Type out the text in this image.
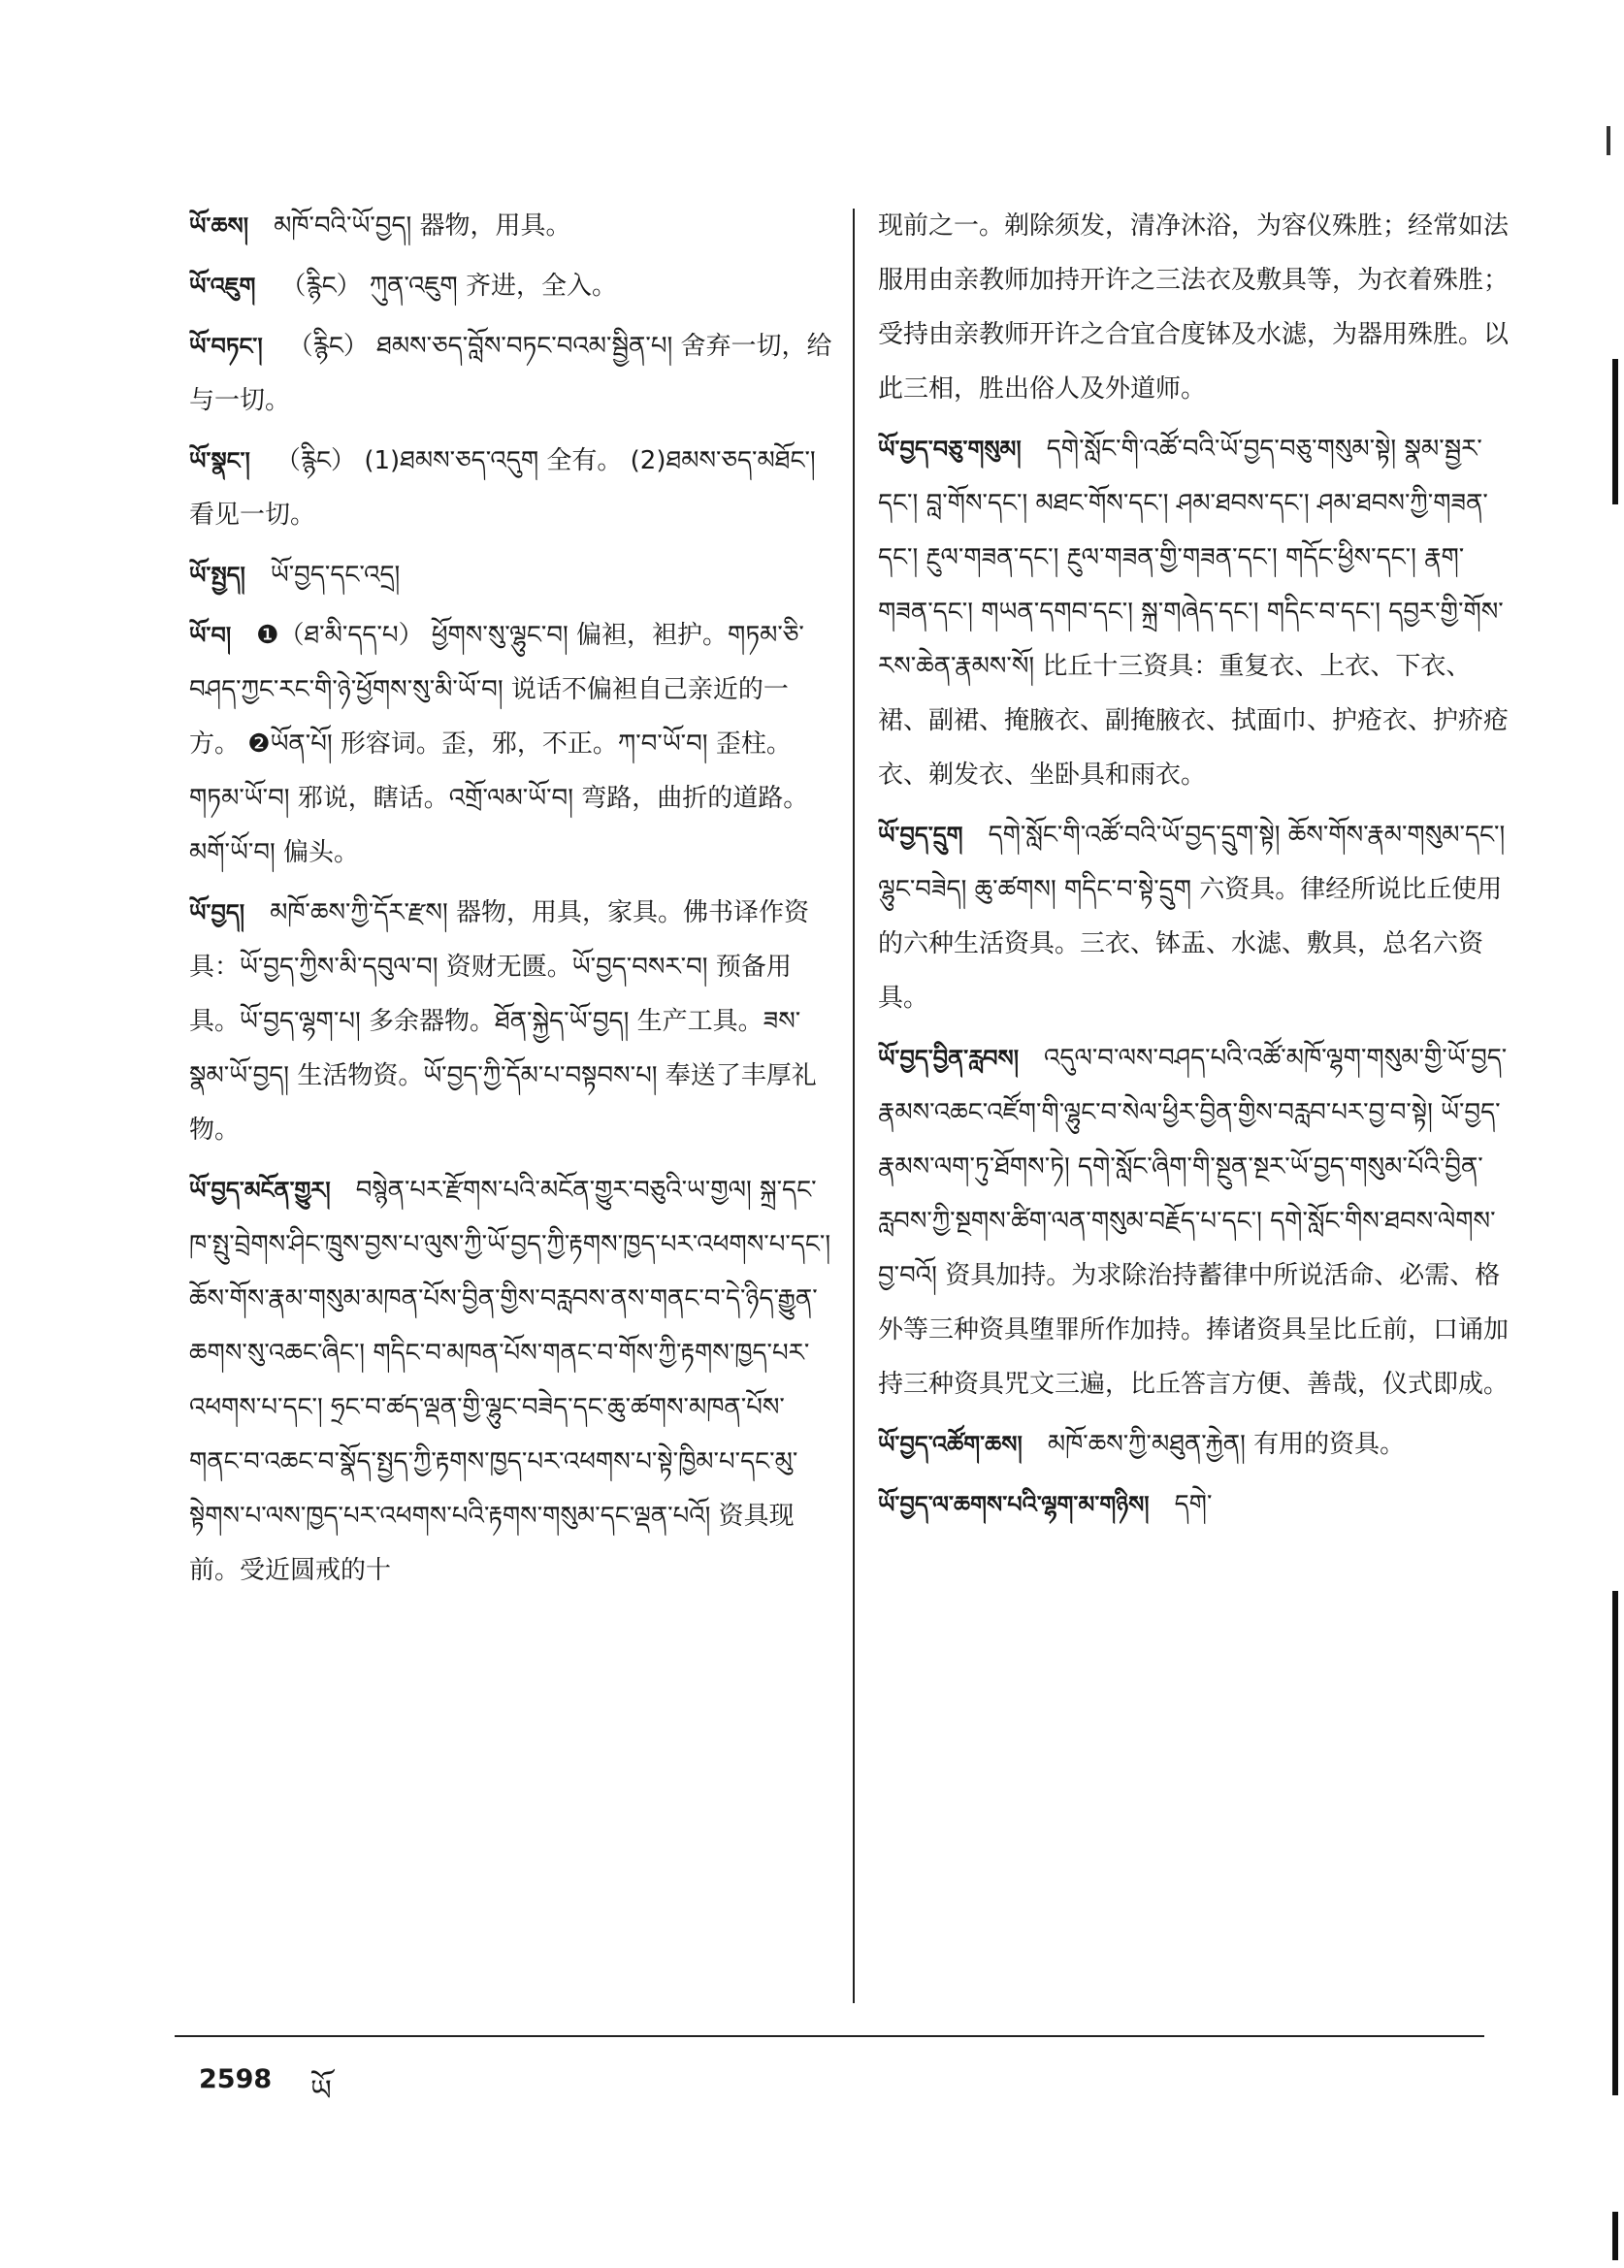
ཡོ་ཆས། མཁོ་བའི་ཡོ་བྱད། 器物，用具。
ཡོ་འཇུག （རྙིང） ཀུན་འཇུག 齐进，全入。
ཡོ་བཏང་། （རྙིང） ཐམས་ཅད་བློས་བཏང་བའམ་སྦྱིན་པ། 舍弃一切，给与一切。
ཡོ་སྣང་། （རྙིང） (1)ཐམས་ཅད་འདུག 全有。 (2)ཐམས་ཅད་མཐོང་། 看见一切。
ཡོ་སྤྱད། ཡོ་བྱད་དང་འདྲ།
ཡོ་བ། ❶（ཐ་མི་དད་པ） ཕྱོགས་སུ་ལྷུང་བ། 偏袒，袒护。གཏམ་ཅི་བཤད་ཀྱང་རང་གི་ཉེ་ཕྱོགས་སུ་མི་ཡོ་བ། 说话不偏袒自己亲近的一方。 ❷ཡོན་པོ། 形容词。歪，邪，不正。ཀ་བ་ཡོ་བ། 歪柱。གཏམ་ཡོ་བ། 邪说，瞎话。འགྲོ་ལམ་ཡོ་བ། 弯路，曲折的道路。མགོ་ཡོ་བ། 偏头。
ཡོ་བྱད། མཁོ་ཆས་ཀྱི་དོར་རྫས། 器物，用具，家具。佛书译作资具：ཡོ་བྱད་ཀྱིས་མི་དབུལ་བ། 资财无匮。ཡོ་བྱད་བསར་བ། 预备用具。ཡོ་བྱད་ལྷག་པ། 多余器物。ཐོན་སྐྱེད་ཡོ་བྱད། 生产工具。ཟས་སྣམ་ཡོ་བྱད། 生活物资。ཡོ་བྱད་ཀྱི་དོམ་པ་བསྟབས་པ། 奉送了丰厚礼物。
ཡོ་བྱད་མངོན་གྱུར། བསྙེན་པར་རྫོགས་པའི་མངོན་གྱུར་བཅུའི་ཡ་གྱལ། སྐྲ་དང་ཁ་སྤུ་བྲེགས་ཤིང་ཁྲུས་བྱས་པ་ལུས་ཀྱི་ཡོ་བྱད་ཀྱི་རྟགས་ཁྱད་པར་འཕགས་པ་དང་། ཆོས་གོས་རྣམ་གསུམ་མཁན་པོས་བྱིན་གྱིས་བརླབས་ནས་གནང་བ་དེ་ཉིད་རྒྱུན་ཆགས་སུ་འཆང་ཞིང་། གདིང་བ་མཁན་པོས་གནང་བ་གོས་ཀྱི་རྟགས་ཁྱད་པར་འཕགས་པ་དང་། ཧྲང་བ་ཚད་ལྡན་གྱི་ལྷུང་བཟེད་དང་ཆུ་ཚགས་མཁན་པོས་གནང་བ་འཆང་བ་སྣོད་སྤྱད་ཀྱི་རྟགས་ཁྱད་པར་འཕགས་པ་སྟེ་ཁྱིམ་པ་དང་མུ་སྟེགས་པ་ལས་ཁྱད་པར་འཕགས་པའི་རྟགས་གསུམ་དང་ལྡན་པའོ། 资具现前。受近圆戒的十
现前之一。剃除须发，清净沐浴，为容仪殊胜；经常如法服用由亲教师加持开许之三法衣及敷具等，为衣着殊胜；受持由亲教师开许之合宜合度钵及水滤，为器用殊胜。以此三相，胜出俗人及外道师。
ཡོ་བྱད་བཅུ་གསུམ། དགེ་སློང་གི་འཚོ་བའི་ཡོ་བྱད་བཅུ་གསུམ་སྟེ། སྣམ་སྦྱར་དང་། བླ་གོས་དང་། མཐང་གོས་དང་། ཤམ་ཐབས་དང་། ཤམ་ཐབས་ཀྱི་གཟན་དང་། རྔུལ་གཟན་དང་། རྔུལ་གཟན་གྱི་གཟན་དང་། གདོང་ཕྱིས་དང་། རྣག་གཟན་དང་། གཡན་དགབ་དང་། སྐྲ་གཞེད་དང་། གདིང་བ་དང་། དབྱར་གྱི་གོས་རས་ཆེན་རྣམས་སོ། 比丘十三资具：重复衣、上衣、下衣、裙、副裙、掩腋衣、副掩腋衣、拭面巾、护疮衣、护疥疮衣、剃发衣、坐卧具和雨衣。
ཡོ་བྱད་དྲུག དགེ་སློང་གི་འཚོ་བའི་ཡོ་བྱད་དྲུག་སྟེ། ཆོས་གོས་རྣམ་གསུམ་དང་། ལྷུང་བཟེད། ཆུ་ཚགས། གདིང་བ་སྟེ་དྲུག 六资具。律经所说比丘使用的六种生活资具。三衣、钵盂、水滤、敷具，总名六资具。
ཡོ་བྱད་བྱིན་རླབས། འདུལ་བ་ལས་བཤད་པའི་འཚོ་མཁོ་ལྷག་གསུམ་གྱི་ཡོ་བྱད་རྣམས་འཆང་འཛོག་གི་ལྷུང་བ་སེལ་ཕྱིར་བྱིན་གྱིས་བརླབ་པར་བྱ་བ་སྟེ། ཡོ་བྱད་རྣམས་ལག་ཏུ་ཐོགས་ཏེ། དགེ་སློང་ཞིག་གི་སྔུན་སྔར་ཡོ་བྱད་གསུམ་པོའི་བྱིན་རླབས་ཀྱི་སྔགས་ཚིག་ལན་གསུམ་བརྗོད་པ་དང་། དགེ་སློང་གིས་ཐབས་ལེགས་བྱ་བའོ། 资具加持。为求除治持蓄律中所说活命、必需、格外等三种资具堕罪所作加持。捧诸资具呈比丘前，口诵加持三种资具咒文三遍，比丘答言方便、善哉，仪式即成。
ཡོ་བྱད་འཚོག་ཆས། མཁོ་ཆས་ཀྱི་མཐུན་རྐྱེན། 有用的资具。
ཡོ་བྱད་ལ་ཆགས་པའི་ལྷག་མ་གཉིས། དགེ་
2598 ཡོ
